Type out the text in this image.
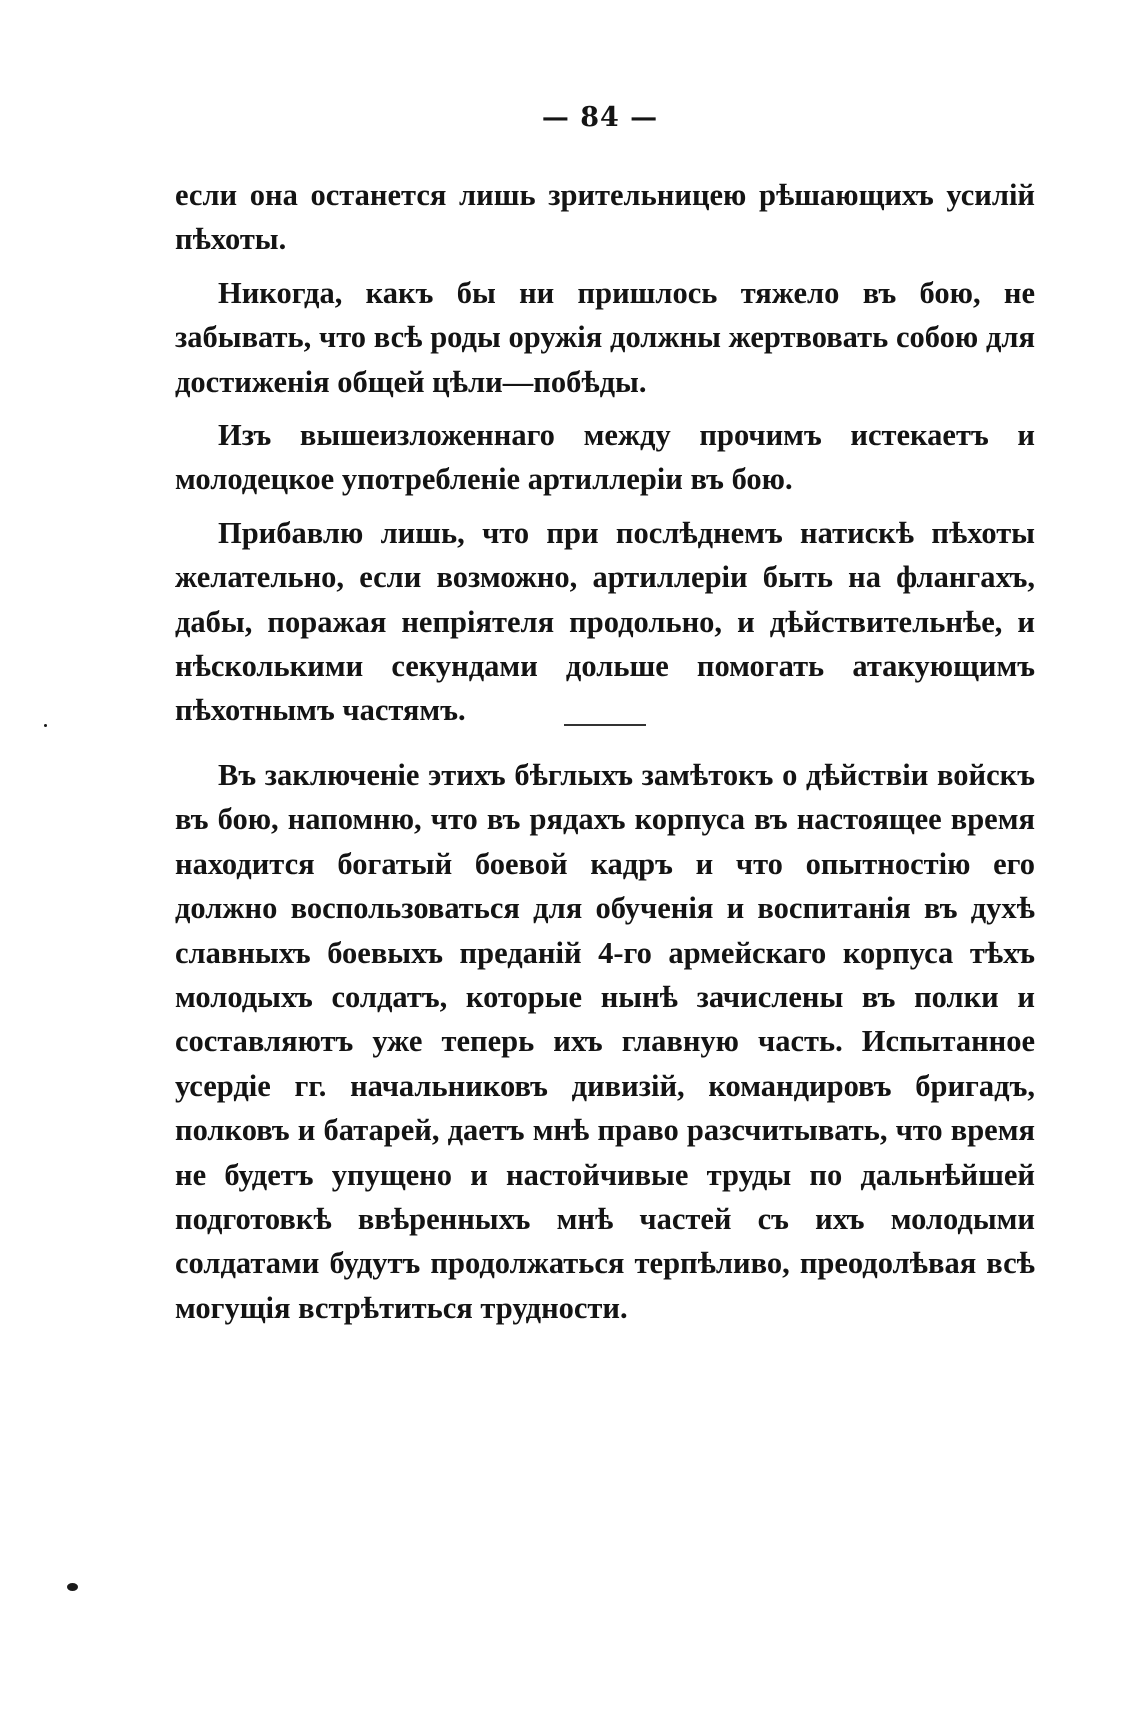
— 84 —

если она останется лишь зрительницею рѣшающихъ усилій пѣхоты.

Никогда, какъ бы ни пришлось тяжело въ бою, не забывать, что всѣ роды оружія должны жертвовать собою для достиженія общей цѣли—побѣды.

Изъ вышеизложеннаго между прочимъ истекаетъ и молодецкое употребленіе артиллеріи въ бою.

Прибавлю лишь, что при послѣднемъ натискѣ пѣхоты желательно, если возможно, артиллеріи быть на флангахъ, дабы, поражая непріятеля продольно, и дѣйствительнѣе, и нѣсколькими секундами дольше помогать атакующимъ пѣхотнымъ частямъ.

Въ заключеніе этихъ бѣглыхъ замѣтокъ о дѣйствіи войскъ въ бою, напомню, что въ рядахъ корпуса въ настоящее время находится богатый боевой кадръ и что опытностію его должно воспользоваться для обученія и воспитанія въ духѣ славныхъ боевыхъ преданій 4-го армейскаго корпуса тѣхъ молодыхъ солдатъ, которые нынѣ зачислены въ полки и составляютъ уже теперь ихъ главную часть. Испытанное усердіе гг. начальниковъ дивизій, командировъ бригадъ, полковъ и батарей, даетъ мнѣ право разсчитывать, что время не будетъ упущено и настойчивые труды по дальнѣйшей подготовкѣ ввѣренныхъ мнѣ частей съ ихъ молодыми солдатами будутъ продолжаться терпѣливо, преодолѣвая всѣ могущія встрѣтиться трудности.
